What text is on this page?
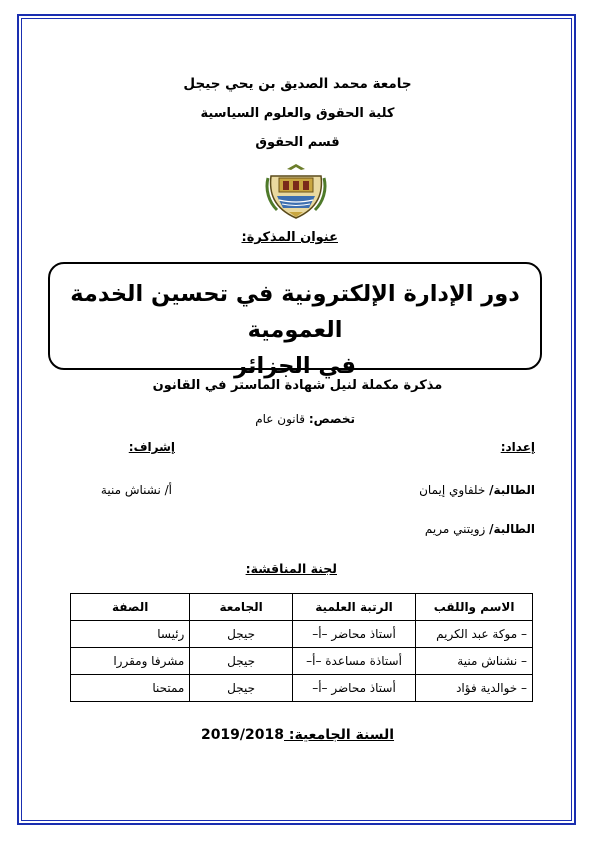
جامعة محمد الصديق بن يحي جيجل
كلية الحقوق والعلوم السياسية
قسم الحقوق
عنوان المذكرة:
دور الإدارة الإلكترونية في تحسين الخدمة العمومية
في الجزائر
مذكرة مكملة لنيل شهادة الماستر في القانون
تخصص: قانون عام
إعداد:
إشراف:
الطالبة/ خلفاوي إيمان
أ/ نشناش منية
الطالبة/ زويتني مريم
لجنة المناقشة:
الاسم واللقب	الرتبة العلمية	الجامعة	الصفة
– موكة عبد الكريم	أستاذ محاضر –أ–	جيجل	رئيسا
– نشناش منية	أستاذة مساعدة –أ–	جيجل	مشرفا ومقررا
– خوالدية فؤاد	أستاذ محاضر –أ–	جيجل	ممتحنا
السنة الجامعية: 2019/2018
